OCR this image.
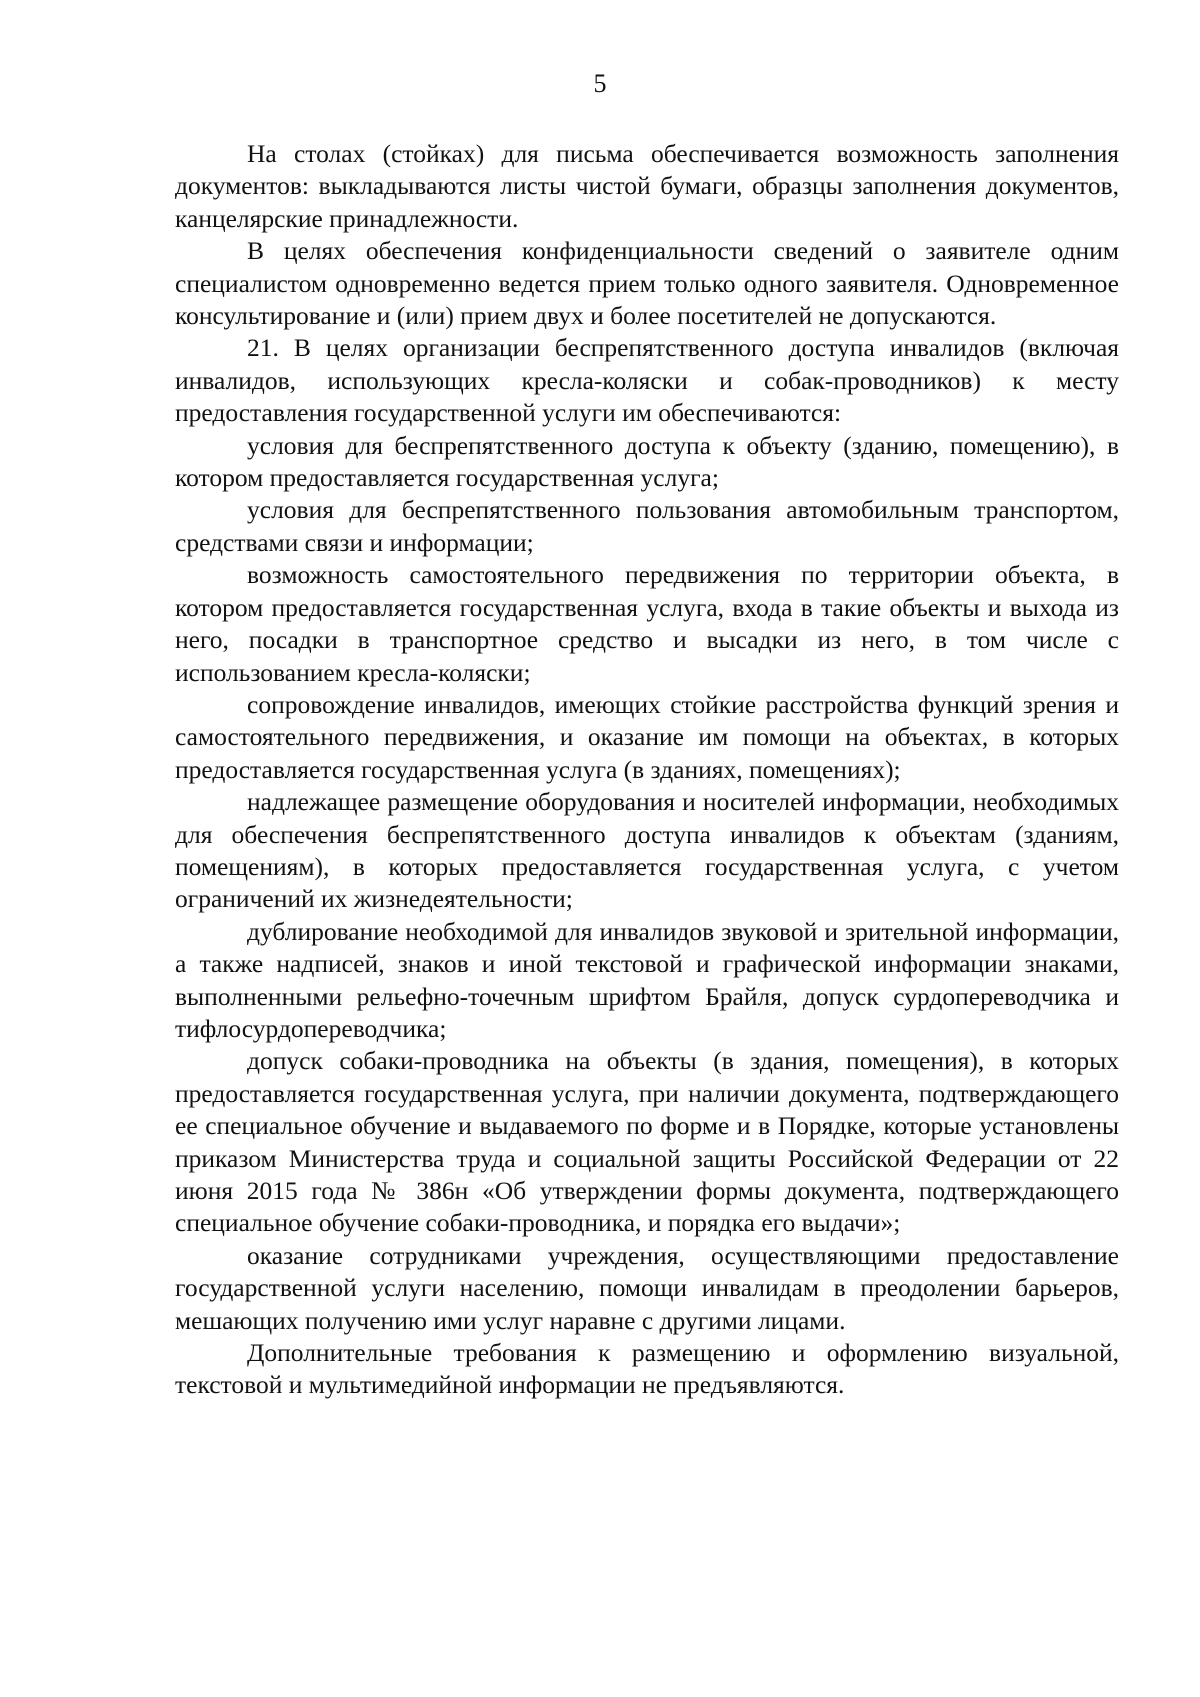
5

На столах (стойках) для письма обеспечивается возможность заполнения документов: выкладываются листы чистой бумаги, образцы заполнения документов, канцелярские принадлежности.

В целях обеспечения конфиденциальности сведений о заявителе одним специалистом одновременно ведется прием только одного заявителя. Одновременное консультирование и (или) прием двух и более посетителей не допускаются.

21. В целях организации беспрепятственного доступа инвалидов (включая инвалидов, использующих кресла-коляски и собак-проводников) к месту предоставления государственной услуги им обеспечиваются:

условия для беспрепятственного доступа к объекту (зданию, помещению), в котором предоставляется государственная услуга;

условия для беспрепятственного пользования автомобильным транспортом, средствами связи и информации;

возможность самостоятельного передвижения по территории объекта, в котором предоставляется государственная услуга, входа в такие объекты и выхода из него, посадки в транспортное средство и высадки из него, в том числе с использованием кресла-коляски;

сопровождение инвалидов, имеющих стойкие расстройства функций зрения и самостоятельного передвижения, и оказание им помощи на объектах, в которых предоставляется государственная услуга (в зданиях, помещениях);

надлежащее размещение оборудования и носителей информации, необходимых для обеспечения беспрепятственного доступа инвалидов к объектам (зданиям, помещениям), в которых предоставляется государственная услуга, с учетом ограничений их жизнедеятельности;

дублирование необходимой для инвалидов звуковой и зрительной информации, а также надписей, знаков и иной текстовой и графической информации знаками, выполненными рельефно-точечным шрифтом Брайля, допуск сурдопереводчика и тифлосурдопереводчика;

допуск собаки-проводника на объекты (в здания, помещения), в которых предоставляется государственная услуга, при наличии документа, подтверждающего ее специальное обучение и выдаваемого по форме и в Порядке, которые установлены приказом Министерства труда и социальной защиты Российской Федерации от 22 июня 2015 года № 386н «Об утверждении формы документа, подтверждающего специальное обучение собаки-проводника, и порядка его выдачи»;

оказание сотрудниками учреждения, осуществляющими предоставление государственной услуги населению, помощи инвалидам в преодолении барьеров, мешающих получению ими услуг наравне с другими лицами.

Дополнительные требования к размещению и оформлению визуальной, текстовой и мультимедийной информации не предъявляются.
